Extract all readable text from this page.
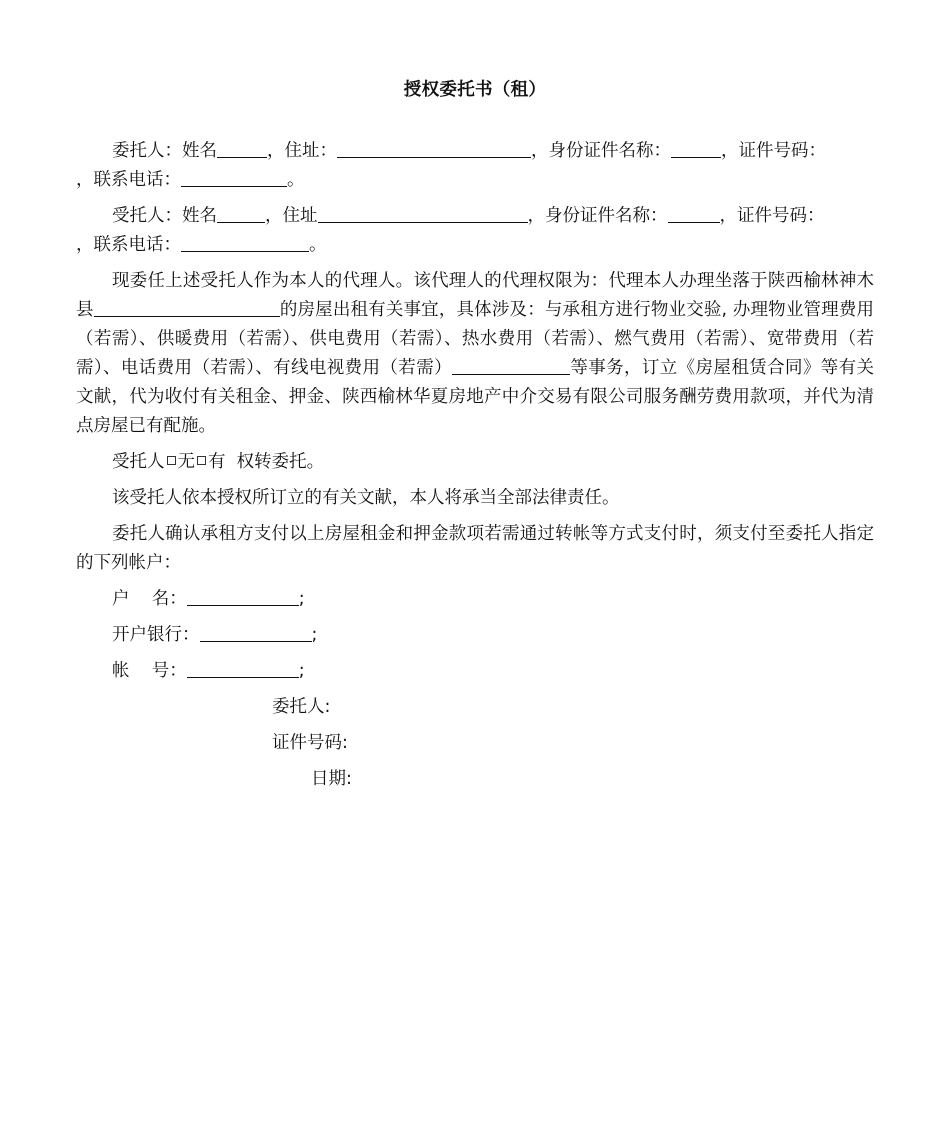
授权委托书（租）

委托人：姓名	，住址：	，身份证件名称：	，证件号码：
，联系电话：	。

受托人：姓名	，住址	，身份证件名称：	，证件号码：
，联系电话：	。

现委任上述受托人作为本人的代理人。该代理人的代理权限为：代理本人办理坐落于陕西榆林神木县	的房屋出租有关事宜，具体涉及：与承租方进行物业交验, 办理物业管理费用（若需）、供暖费用（若需）、供电费用（若需）、热水费用（若需）、燃气费用（若需）、宽带费用（若需）、电话费用（若需）、有线电视费用（若需）	等事务，订立《房屋租赁合同》等有关文献，代为收付有关租金、押金、陕西榆林华夏房地产中介交易有限公司服务酬劳费用款项，并代为清点房屋已有配施。

受托人 无 有  权转委托。

该受托人依本授权所订立的有关文献，本人将承当全部法律责任。

委托人确认承租方支付以上房屋租金和押金款项若需通过转帐等方式支付时，须支付至委托人指定的下列帐户：

户    名：	;

开户银行：	;

帐    号：	;

委托人:

证件号码:

日期:
